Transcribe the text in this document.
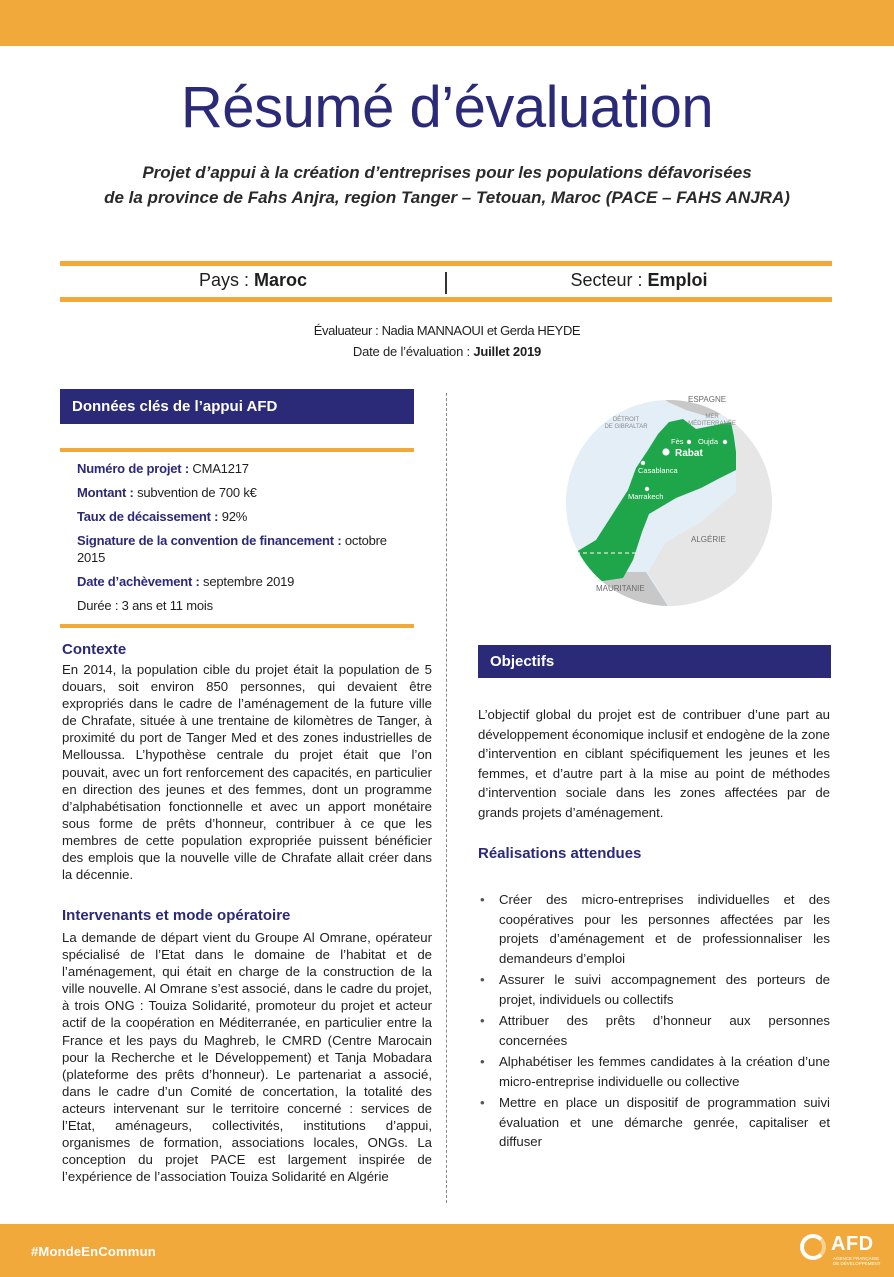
Résumé d’évaluation
Projet d’appui à la création d’entreprises pour les populations défavorisées
de la province de Fahs Anjra, region Tanger – Tetouan, Maroc (PACE – FAHS ANJRA)
Pays : Maroc	Secteur : Emploi
Évaluateur : Nadia MANNAOUI et Gerda HEYDE
Date de l’évaluation : Juillet 2019
Données clés de l’appui AFD
Numéro de projet : CMA1217
Montant : subvention de 700 k€
Taux de décaissement : 92%
Signature de la convention de financement : octobre 2015
Date d’achèvement : septembre 2019
Durée : 3 ans et 11 mois
ESPAGNE
DÉTROIT
DE GIBRALTAR
MER
MÉDITERRANÉE
Fès Oujda
Rabat
Casablanca
Marrakech
ALGÉRIE
MAURITANIE
Contexte
En 2014, la population cible du projet était la population de 5 douars, soit environ 850 personnes, qui devaient être expropriés dans le cadre de l’aménagement de la future ville de Chrafate, située à une trentaine de kilomètres de Tanger, à proximité du port de Tanger Med et des zones industrielles de Melloussa. L’hypothèse centrale du projet était que l’on pouvait, avec un fort renforcement des capacités, en particulier en direction des jeunes et des femmes, dont un programme d’alphabétisation fonctionnelle et avec un apport monétaire sous forme de prêts d’honneur, contribuer à ce que les membres de cette population expropriée puissent bénéficier des emplois que la nouvelle ville de Chrafate allait créer dans la décennie.
Intervenants et mode opératoire
La demande de départ vient du Groupe Al Omrane, opérateur spécialisé de l’Etat dans le domaine de l’habitat et de l’aménagement, qui était en charge de la construction de la ville nouvelle. Al Omrane s’est associé, dans le cadre du projet, à trois ONG : Touiza Solidarité, promoteur du projet et acteur actif de la coopération en Méditerranée, en particulier entre la France et les pays du Maghreb, le CMRD (Centre Marocain pour la Recherche et le Développement) et Tanja Mobadara (plateforme des prêts d’honneur). Le partenariat a associé, dans le cadre d’un Comité de concertation, la totalité des acteurs intervenant sur le territoire concerné : services de l’Etat, aménageurs, collectivités, institutions d’appui, organismes de formation, associations locales, ONGs. La conception du projet PACE est largement inspirée de l’expérience de l’association Touiza Solidarité en Algérie
Objectifs
L’objectif global du projet est de contribuer d’une part au développement économique inclusif et endogène de la zone d’intervention en ciblant spécifiquement les jeunes et les femmes, et d’autre part à la mise au point de méthodes d’intervention sociale dans les zones affectées par de grands projets d’aménagement.
Réalisations attendues
• Créer des micro-entreprises individuelles et des coopératives pour les personnes affectées par les projets d’aménagement et de professionnaliser les demandeurs d’emploi
• Assurer le suivi accompagnement des porteurs de projet, individuels ou collectifs
• Attribuer des prêts d’honneur aux personnes concernées
• Alphabétiser les femmes candidates à la création d’une micro-entreprise individuelle ou collective
• Mettre en place un dispositif de programmation suivi évaluation et une démarche genrée, capitaliser et diffuser
#MondeEnCommun	AFD
AGENCE FRANÇAISE DE DÉVELOPPEMENT
